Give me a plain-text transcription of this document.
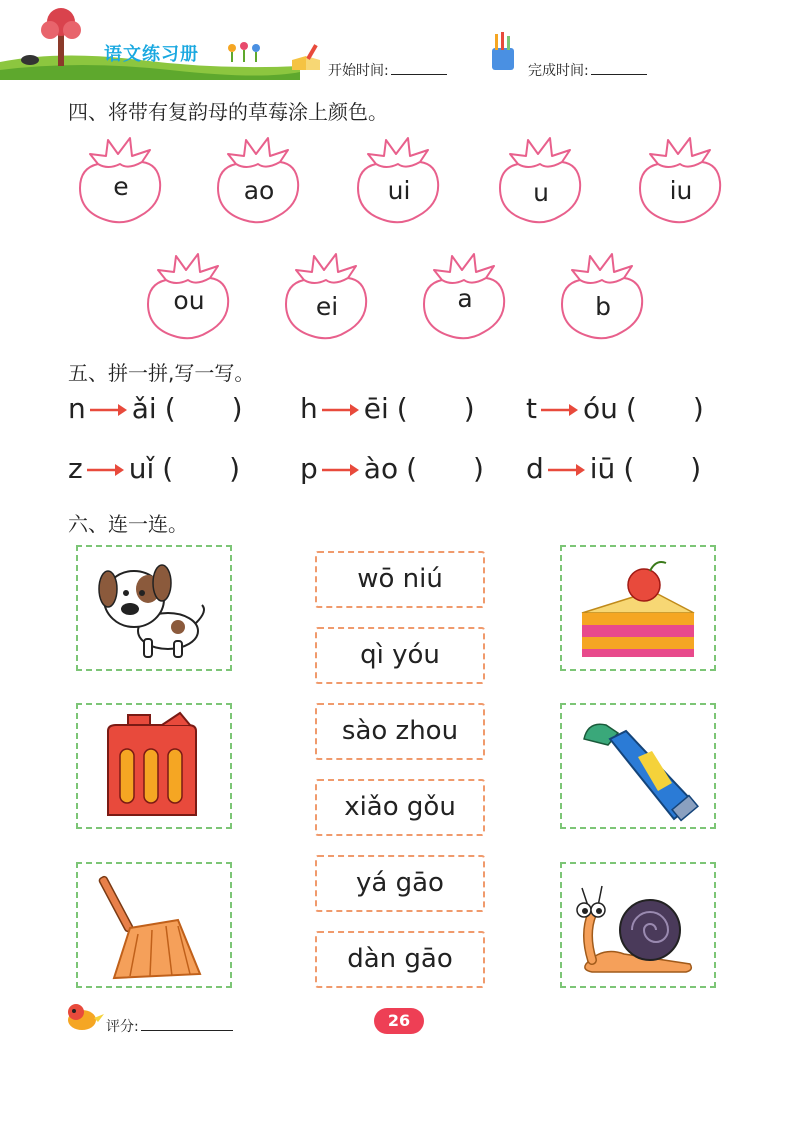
语文练习册
开始时间:	完成时间:
四、将带有复韵母的草莓涂上颜色。
e	ao	ui	u	iu
ou	ei	a	b
五、拼一拼,写一写。
n ǎi ( ) h ēi ( ) t óu ( )
z uǐ ( ) p ào ( ) d iū ( )
六、连一连。
wō niú
qì yóu
sào zhou
xiǎo gǒu
yá gāo
dàn gāo
评分:	26
